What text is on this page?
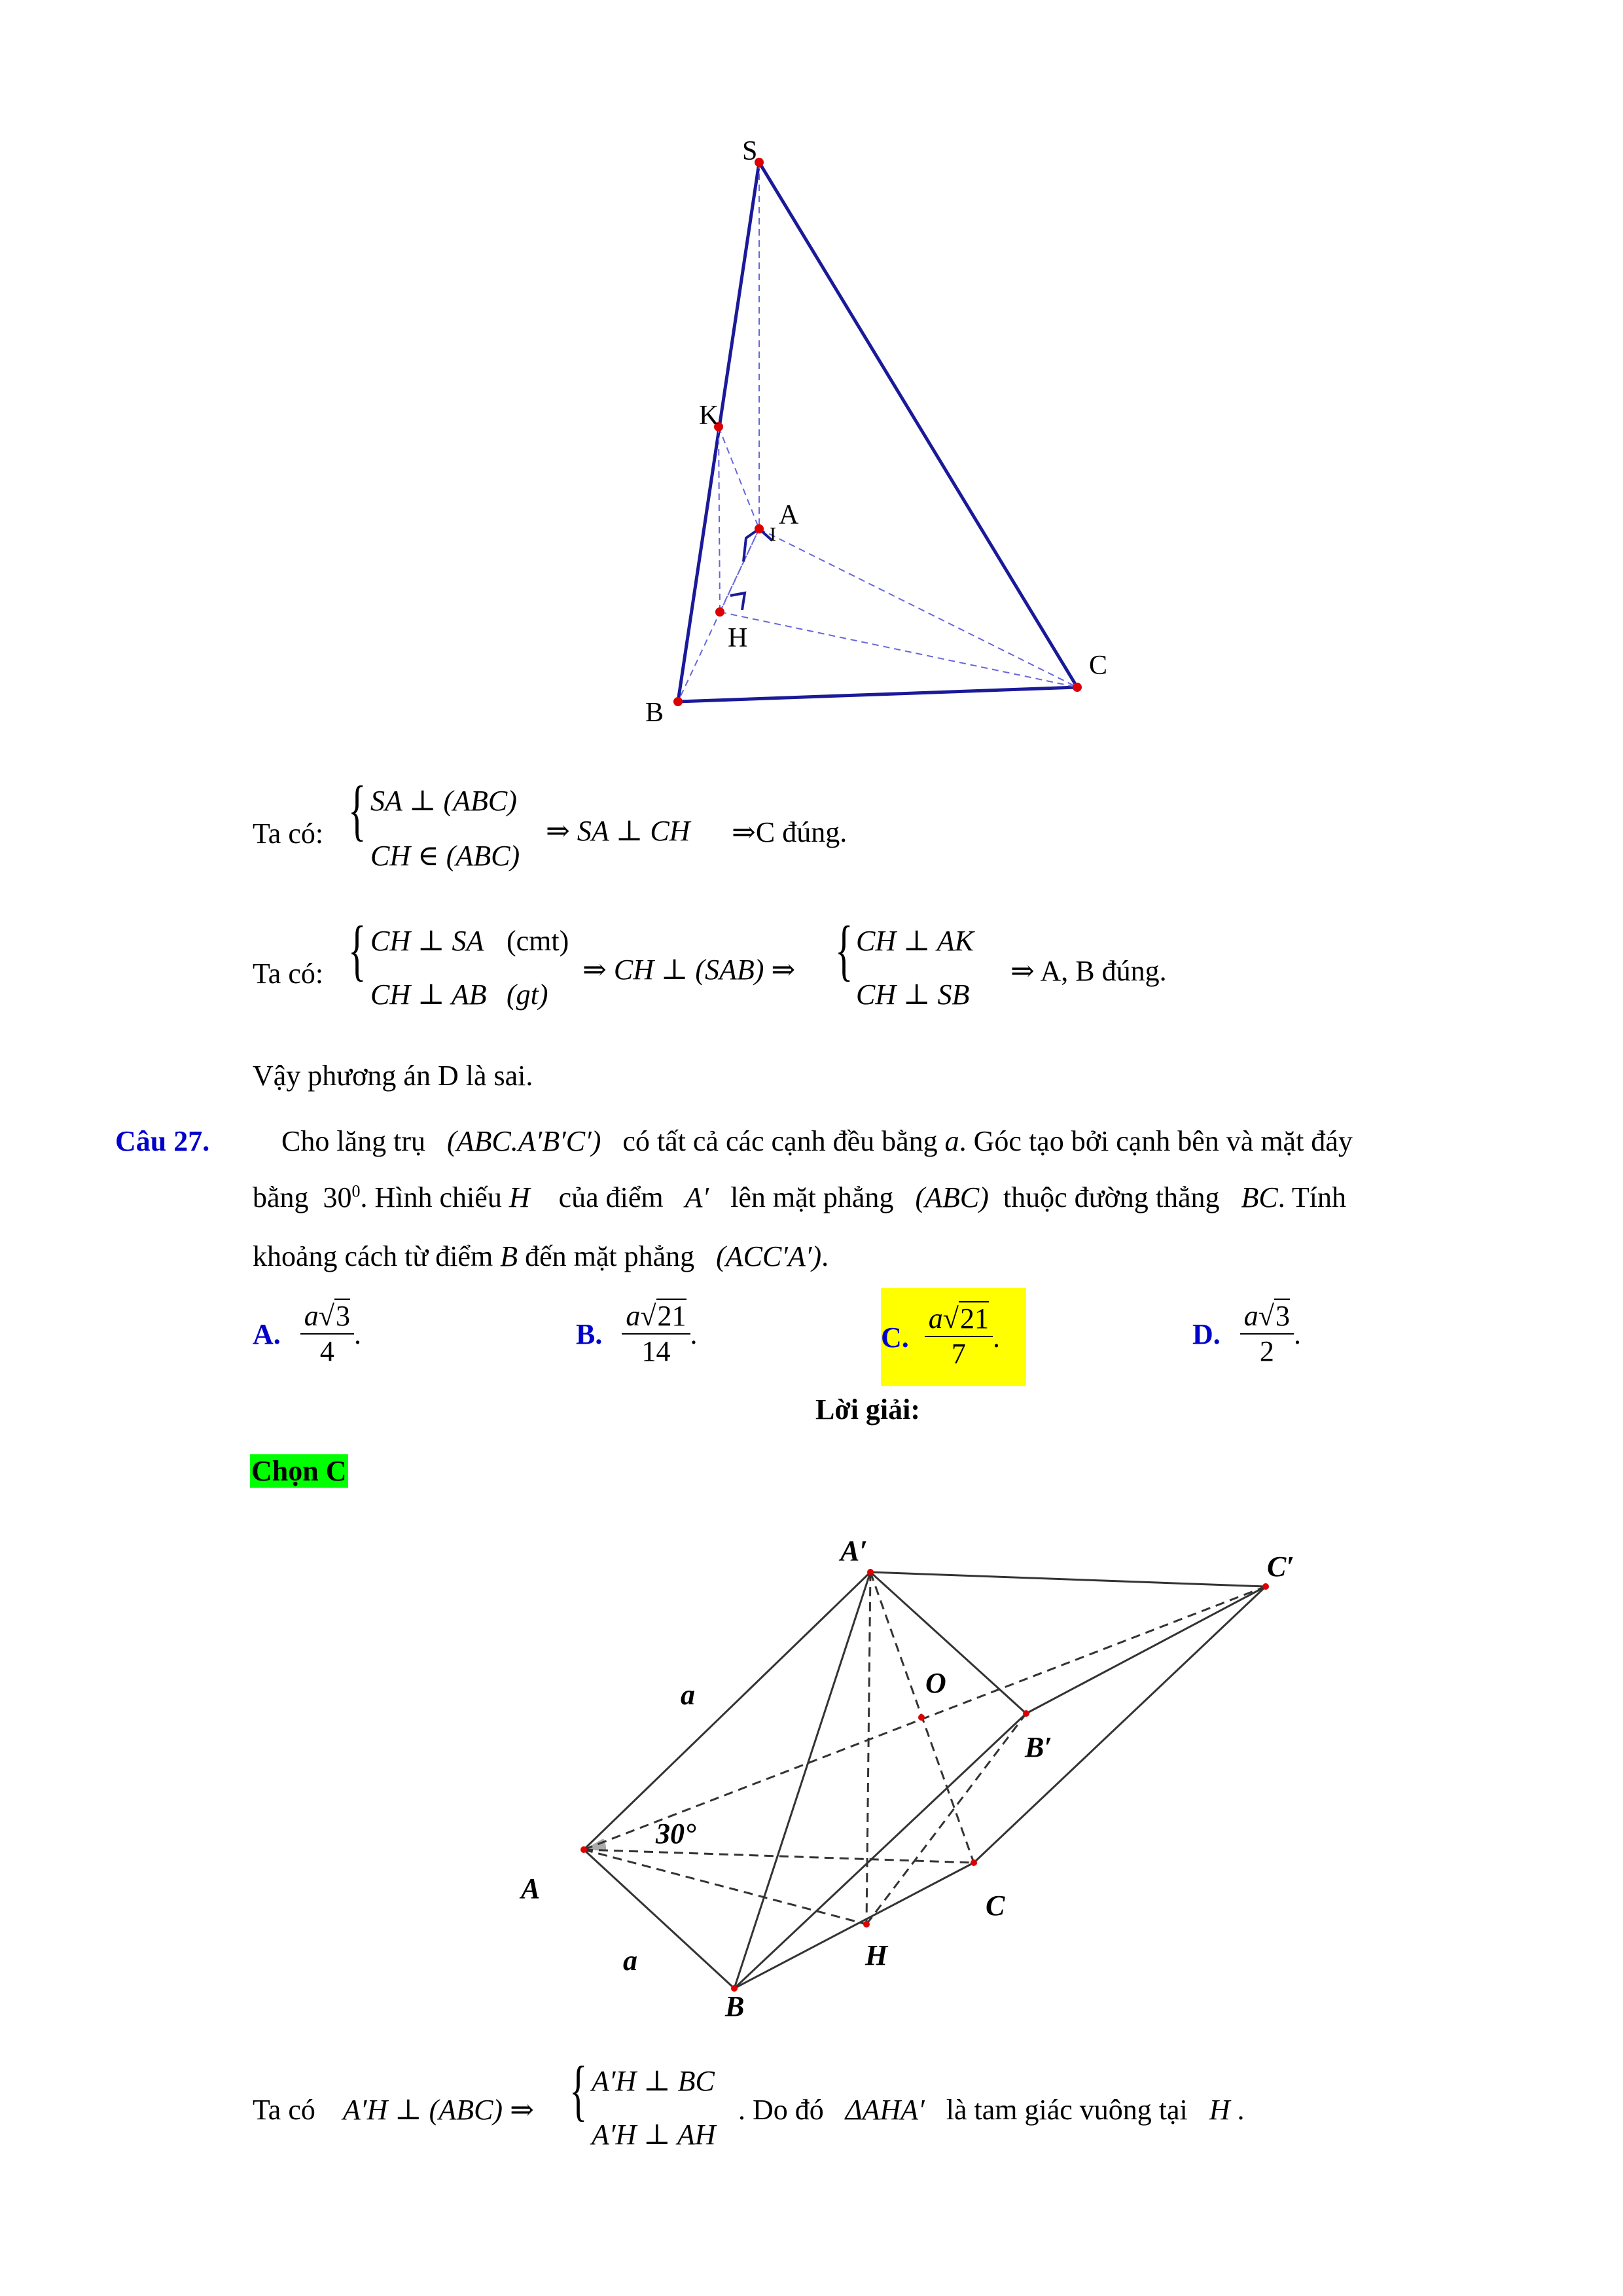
S
K
A
I
H
B
C
Ta có: { SA ⊥ (ABC)
CH ∈ (ABC)
⇒ SA ⊥ CH ⇒C đúng.
Ta có: { CH ⊥ SA (cmt)
CH ⊥ AB (gt)
⇒ CH ⊥ (SAB) ⇒ { CH ⊥ AK
CH ⊥ SB
⇒ A, B đúng.
Vậy phương án D là sai.
Câu 27. Cho lăng trụ (ABC.A′B′C′) có tất cả các cạnh đều bằng a. Góc tạo bởi cạnh bên và mặt đáy
bằng $30^0$. Hình chiếu H của điểm A′ lên mặt phẳng (ABC) thuộc đường thẳng BC. Tính
khoảng cách từ điểm B đến mặt phẳng (ACC′A′).
A. $\frac{a√3}{4}$ .	B. $\frac{a√21}{14}$ .	C. $\frac{a√21}{7}$ .	D. $\frac{a√3}{2}$ .
Lời giải:
Chọn C
A′	C′
O
B′
A
C
H
B
a
a
30°
Ta có A′H ⊥ (ABC) ⇒ { A′H ⊥ BC
A′H ⊥ AH
. Do đó ΔAHA′ là tam giác vuông tại H .
